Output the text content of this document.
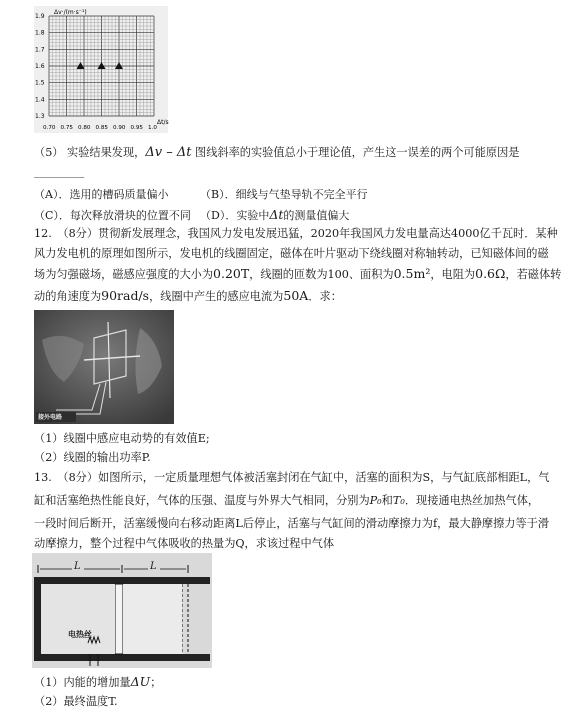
1.9
1.8
1.7
1.6
1.5
1.4
1.3
0.70 0.75 0.80 0.85 0.90 0.95 1.0
Δv·/(m·s⁻¹)
Δt/s
（5） 实验结果发现，Δv – Δt 图线斜率的实验值总小于理论值，产生这一误差的两个可能原因是
_________
（A）．选用的槽码质量偏小	（B）．细线与气垫导轨不完全平行
（C）．每次释放滑块的位置不同 （D）．实验中Δt的测量值偏大
12.　（8分）贯彻新发展理念，我国风力发电发展迅猛，2020年我国风力发电量高达4000亿千瓦时．某种
风力发电机的原理如图所示，发电机的线圈固定，磁体在叶片驱动下绕线圈对称轴转动，已知磁体间的磁
场为匀强磁场，磁感应强度的大小为0.20T，线圈的匝数为100、面积为0.5m²，电阻为0.6Ω，若磁体转
动的角速度为90rad/s，线圈中产生的感应电流为50A．求：
接外电路
（1）线圈中感应电动势的有效值E;
（2）线圈的输出功率P.
13.　（8分）如图所示，一定质量理想气体被活塞封闭在气缸中，活塞的面积为S，与气缸底部相距L，气
缸和活塞绝热性能良好，气体的压强、温度与外界大气相同，分别为P₀和T₀．现接通电热丝加热气体，
一段时间后断开，活塞缓慢向右移动距离L后停止，活塞与气缸间的滑动摩擦力为f，最大静摩擦力等于滑
动摩擦力，整个过程中气体吸收的热量为Q，求该过程中气体
L	L
电热丝
（1）内能的增加量ΔU；
（2）最终温度T.
